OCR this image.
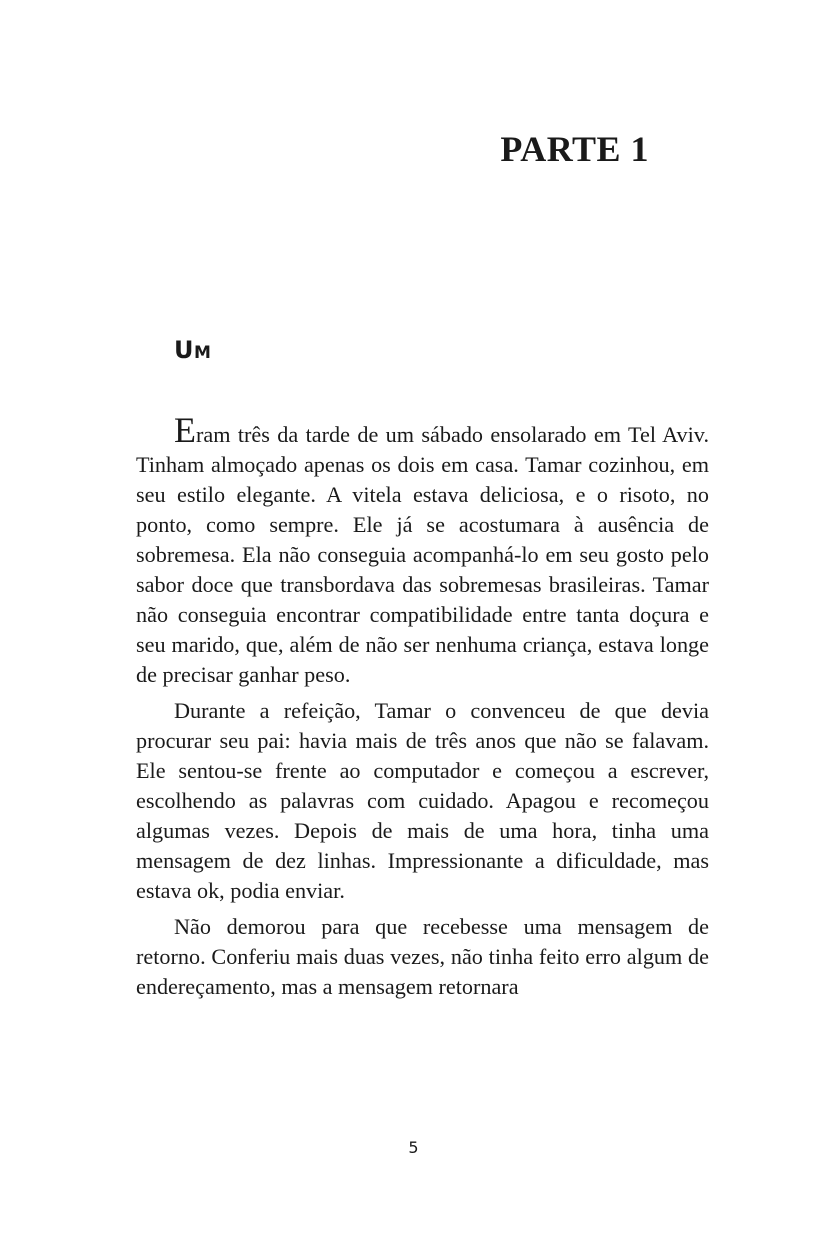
PARTE 1
Um

Eram três da tarde de um sábado ensolarado em Tel Aviv. Tinham almoçado apenas os dois em casa. Tamar cozinhou, em seu estilo elegante. A vitela estava deliciosa, e o risoto, no ponto, como sempre. Ele já se acostumara à ausência de sobremesa. Ela não conseguia acompanhá-lo em seu gosto pelo sabor doce que transbordava das sobremesas brasileiras. Tamar não conseguia encontrar compatibilidade entre tanta doçura e seu marido, que, além de não ser nenhuma criança, estava longe de precisar ganhar peso.

Durante a refeição, Tamar o convenceu de que devia procurar seu pai: havia mais de três anos que não se falavam. Ele sentou-se frente ao computador e começou a escrever, escolhendo as palavras com cuidado. Apagou e recomeçou algumas vezes. Depois de mais de uma hora, tinha uma mensagem de dez linhas. Impressionante a dificuldade, mas estava ok, podia enviar.

Não demorou para que recebesse uma mensagem de retorno. Conferiu mais duas vezes, não tinha feito erro algum de endereçamento, mas a mensagem retornara

5
